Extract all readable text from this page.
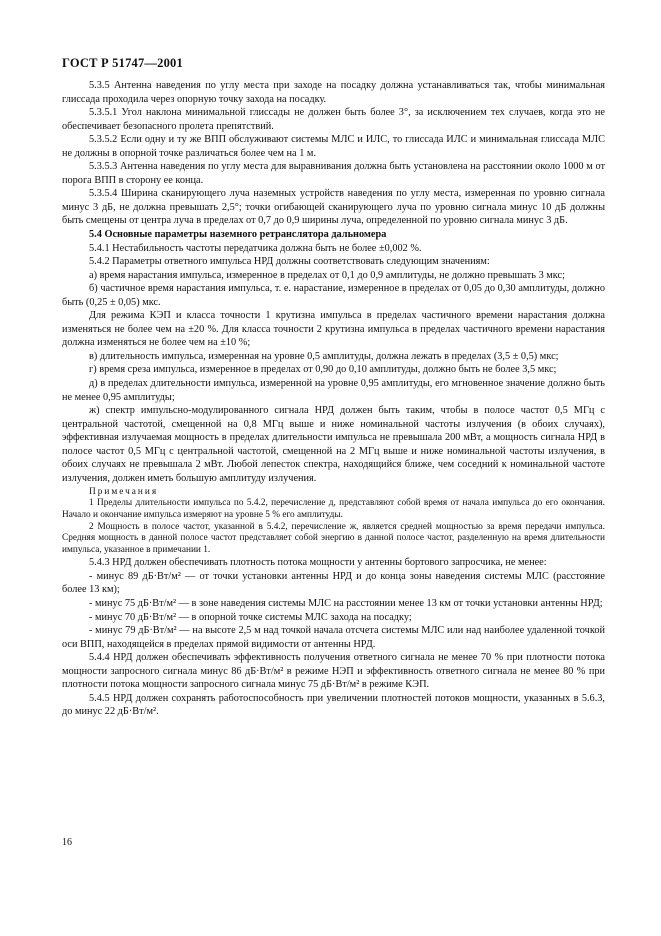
ГОСТ Р 51747—2001

5.3.5 Антенна наведения по углу места при заходе на посадку должна устанавливаться так, чтобы минимальная глиссада проходила через опорную точку захода на посадку.

5.3.5.1 Угол наклона минимальной глиссады не должен быть более 3°, за исключением тех случаев, когда это не обеспечивает безопасного пролета препятствий.

5.3.5.2 Если одну и ту же ВПП обслуживают системы МЛС и ИЛС, то глиссада ИЛС и минимальная глиссада МЛС не должны в опорной точке различаться более чем на 1 м.

5.3.5.3 Антенна наведения по углу места для выравнивания должна быть установлена на расстоянии около 1000 м от порога ВПП в сторону ее конца.

5.3.5.4 Ширина сканирующего луча наземных устройств наведения по углу места, измеренная по уровню сигнала минус 3 дБ, не должна превышать 2,5°; точки огибающей сканирующего луча по уровню сигнала минус 10 дБ должны быть смещены от центра луча в пределах от 0,7 до 0,9 ширины луча, определенной по уровню сигнала минус 3 дБ.

5.4 Основные параметры наземного ретранслятора дальномера

5.4.1 Нестабильность частоты передатчика должна быть не более ±0,002 %.

5.4.2 Параметры ответного импульса НРД должны соответствовать следующим значениям:

а) время нарастания импульса, измеренное в пределах от 0,1 до 0,9 амплитуды, не должно превышать 3 мкс;

б) частичное время нарастания импульса, т. е. нарастание, измеренное в пределах от 0,05 до 0,30 амплитуды, должно быть (0,25 ± 0,05) мкс.

Для режима КЭП и класса точности 1 крутизна импульса в пределах частичного времени нарастания должна изменяться не более чем на ±20 %. Для класса точности 2 крутизна импульса в пределах частичного времени нарастания должна изменяться не более чем на ±10 %;

в) длительность импульса, измеренная на уровне 0,5 амплитуды, должна лежать в пределах (3,5 ± 0,5) мкс;

г) время среза импульса, измеренное в пределах от 0,90 до 0,10 амплитуды, должно быть не более 3,5 мкс;

д) в пределах длительности импульса, измеренной на уровне 0,95 амплитуды, его мгновенное значение должно быть не менее 0,95 амплитуды;

ж) спектр импульсно-модулированного сигнала НРД должен быть таким, чтобы в полосе частот 0,5 МГц с центральной частотой, смещенной на 0,8 МГц выше и ниже номинальной частоты излучения (в обоих случаях), эффективная излучаемая мощность в пределах длительности импульса не превышала 200 мВт, а мощность сигнала НРД в полосе частот 0,5 МГц с центральной частотой, смещенной на 2 МГц выше и ниже номинальной частоты излучения, в обоих случаях не превышала 2 мВт. Любой лепесток спектра, находящийся ближе, чем соседний к номинальной частоте излучения, должен иметь большую амплитуду излучения.

Примечания

1 Пределы длительности импульса по 5.4.2, перечисление д, представляют собой время от начала импульса до его окончания. Начало и окончание импульса измеряют на уровне 5 % его амплитуды.

2 Мощность в полосе частот, указанной в 5.4.2, перечисление ж, является средней мощностью за время передачи импульса. Средняя мощность в данной полосе частот представляет собой энергию в данной полосе частот, разделенную на время длительности импульса, указанное в примечании 1.

5.4.3 НРД должен обеспечивать плотность потока мощности у антенны бортового запросчика, не менее:

- минус 89 дБ·Вт/м² — от точки установки антенны НРД и до конца зоны наведения системы МЛС (расстояние более 13 км);

- минус 75 дБ·Вт/м² — в зоне наведения системы МЛС на расстоянии менее 13 км от точки установки антенны НРД;

- минус 70 дБ·Вт/м² — в опорной точке системы МЛС захода на посадку;

- минус 79 дБ·Вт/м² — на высоте 2,5 м над точкой начала отсчета системы МЛС или над наиболее удаленной точкой оси ВПП, находящейся в пределах прямой видимости от антенны НРД.

5.4.4 НРД должен обеспечивать эффективность получения ответного сигнала не менее 70 % при плотности потока мощности запросного сигнала минус 86 дБ·Вт/м² в режиме НЭП и эффективность ответного сигнала не менее 80 % при плотности потока мощности запросного сигнала минус 75 дБ·Вт/м² в режиме КЭП.

5.4.5 НРД должен сохранять работоспособность при увеличении плотностей потоков мощности, указанных в 5.6.3, до минус 22 дБ·Вт/м².

16
